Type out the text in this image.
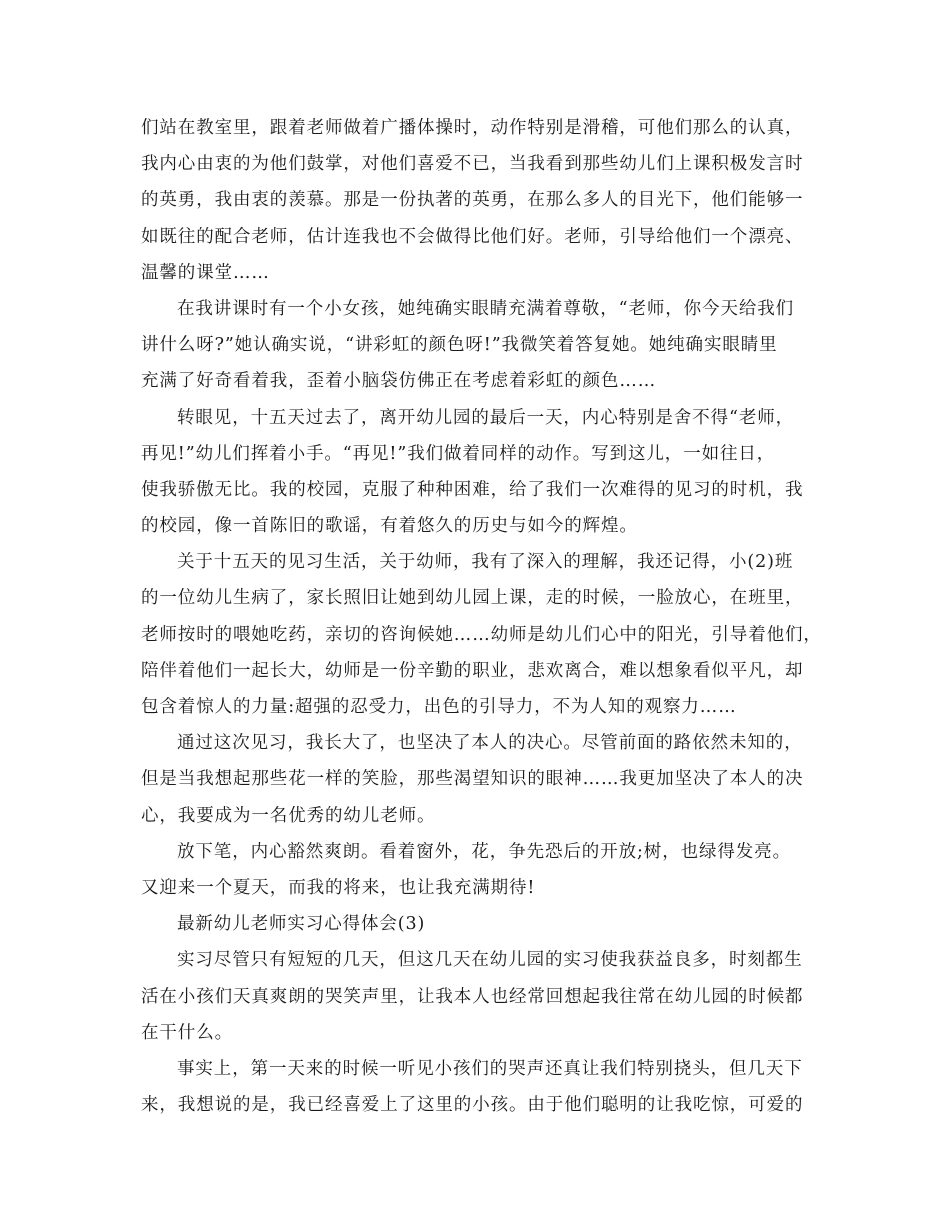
们站在教室里，跟着老师做着广播体操时，动作特别是滑稽，可他们那么的认真，
我内心由衷的为他们鼓掌，对他们喜爱不已，当我看到那些幼儿们上课积极发言时
的英勇，我由衷的羡慕。那是一份执著的英勇，在那么多人的目光下，他们能够一
如既往的配合老师，估计连我也不会做得比他们好。老师，引导给他们一个漂亮、
温馨的课堂……
在我讲课时有一个小女孩，她纯确实眼睛充满着尊敬，“老师，你今天给我们
讲什么呀?”她认确实说，“讲彩虹的颜色呀!”我微笑着答复她。她纯确实眼睛里
充满了好奇看着我，歪着小脑袋仿佛正在考虑着彩虹的颜色……
转眼见，十五天过去了，离开幼儿园的最后一天，内心特别是舍不得“老师，
再见!”幼儿们挥着小手。“再见!”我们做着同样的动作。写到这儿，一如往日，
使我骄傲无比。我的校园，克服了种种困难，给了我们一次难得的见习的时机，我
的校园，像一首陈旧的歌谣，有着悠久的历史与如今的辉煌。
关于十五天的见习生活，关于幼师，我有了深入的理解，我还记得，小(2)班
的一位幼儿生病了，家长照旧让她到幼儿园上课，走的时候，一脸放心，在班里，
老师按时的喂她吃药，亲切的咨询候她……幼师是幼儿们心中的阳光，引导着他们，
陪伴着他们一起长大，幼师是一份辛勤的职业，悲欢离合，难以想象看似平凡，却
包含着惊人的力量:超强的忍受力，出色的引导力，不为人知的观察力……
通过这次见习，我长大了，也坚决了本人的决心。尽管前面的路依然未知的，
但是当我想起那些花一样的笑脸，那些渴望知识的眼神……我更加坚决了本人的决
心，我要成为一名优秀的幼儿老师。
放下笔，内心豁然爽朗。看着窗外，花，争先恐后的开放;树，也绿得发亮。
又迎来一个夏天，而我的将来，也让我充满期待!
最新幼儿老师实习心得体会(3)
实习尽管只有短短的几天，但这几天在幼儿园的实习使我获益良多，时刻都生
活在小孩们天真爽朗的哭笑声里，让我本人也经常回想起我往常在幼儿园的时候都
在干什么。
事实上，第一天来的时候一听见小孩们的哭声还真让我们特别挠头，但几天下
来，我想说的是，我已经喜爱上了这里的小孩。由于他们聪明的让我吃惊，可爱的
